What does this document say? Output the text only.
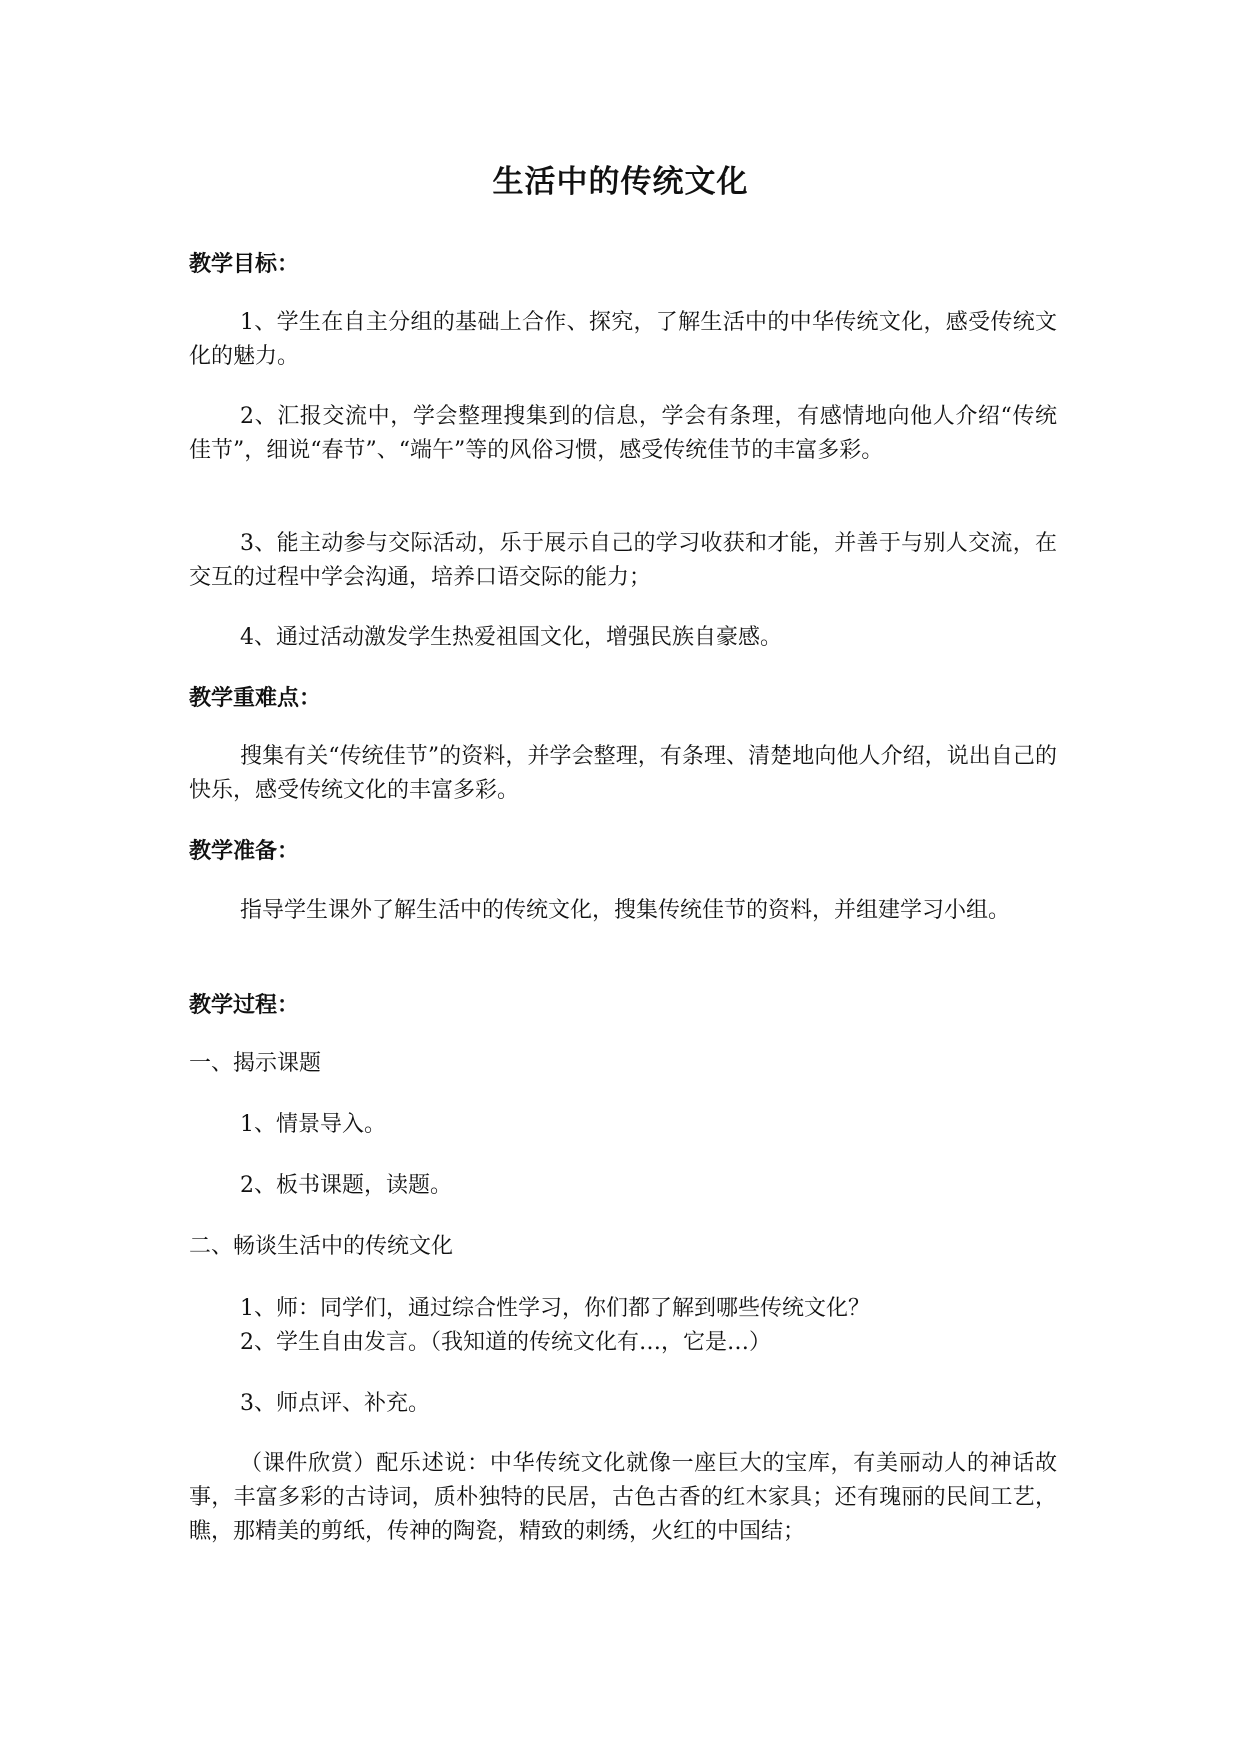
生活中的传统文化

教学目标：

1、学生在自主分组的基础上合作、探究，了解生活中的中华传统文化，感受传统文化的魅力。

2、汇报交流中，学会整理搜集到的信息，学会有条理，有感情地向他人介绍“传统佳节”，细说“春节”、“端午”等的风俗习惯，感受传统佳节的丰富多彩。

3、能主动参与交际活动，乐于展示自己的学习收获和才能，并善于与别人交流，在交互的过程中学会沟通，培养口语交际的能力；

4、通过活动激发学生热爱祖国文化，增强民族自豪感。

教学重难点：

搜集有关“传统佳节”的资料，并学会整理，有条理、清楚地向他人介绍，说出自己的快乐，感受传统文化的丰富多彩。

教学准备：

指导学生课外了解生活中的传统文化，搜集传统佳节的资料，并组建学习小组。

教学过程：

一、揭示课题

1、情景导入。

2、板书课题，读题。

二、畅谈生活中的传统文化

1、师：同学们，通过综合性学习，你们都了解到哪些传统文化？

2、学生自由发言。（我知道的传统文化有…，它是…）

3、师点评、补充。

（课件欣赏）配乐述说：中华传统文化就像一座巨大的宝库，有美丽动人的神话故事，丰富多彩的古诗词，质朴独特的民居，古色古香的红木家具；还有瑰丽的民间工艺，瞧，那精美的剪纸，传神的陶瓷，精致的刺绣，火红的中国结；
